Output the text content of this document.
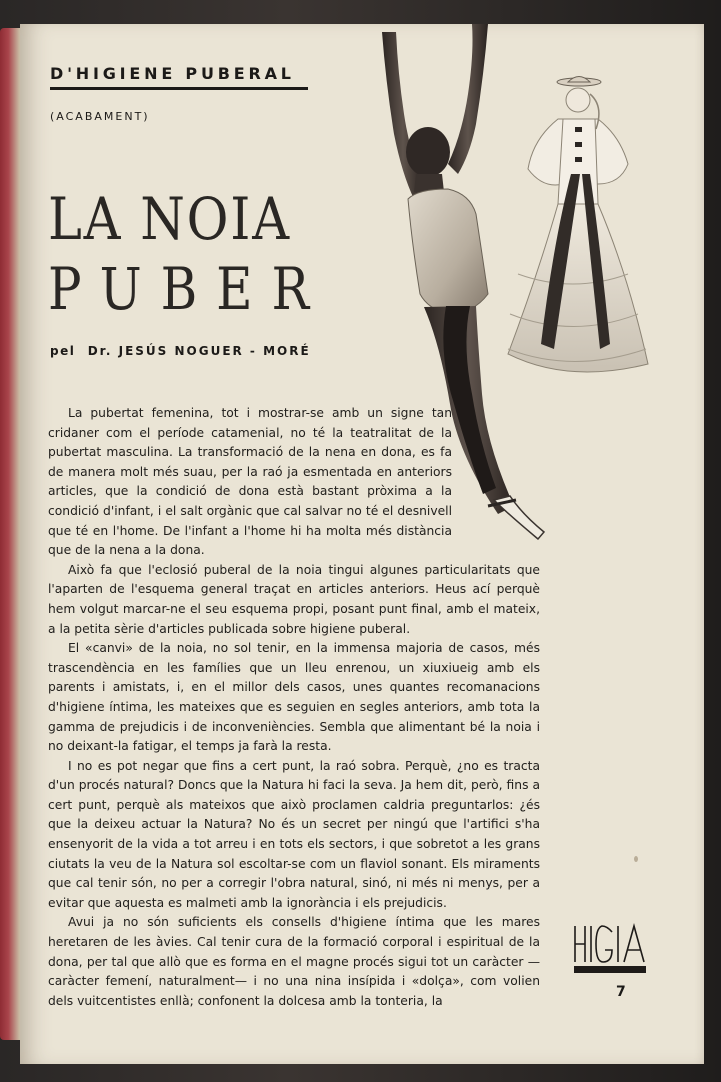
D'HIGIENE PUBERAL
(ACABAMENT)
LA NOIA
PUBER
pel Dr. JESÚS NOGUER - MORÉ

La pubertat femenina, tot i mostrar-se amb un signe tan cridaner com el període catamenial, no té la teatralitat de la pubertat masculina. La transformació de la nena en dona, es fa de manera molt més suau, per la raó ja esmentada en anteriors articles, que la condició de dona està bastant pròxima a la condició d'infant, i el salt orgànic que cal salvar no té el desnivell que té en l'home. De l'infant a l'home hi ha molta més distància que de la nena a la dona.

Això fa que l'eclosió puberal de la noia tingui algunes particularitats que l'aparten de l'esquema general traçat en articles anteriors. Heus ací perquè hem volgut marcar-ne el seu esquema propi, posant punt final, amb el mateix, a la petita sèrie d'articles publicada sobre higiene puberal.

El «canvi» de la noia, no sol tenir, en la immensa majoria de casos, més trascendència en les famílies que un lleu enrenou, un xiuxiueig amb els parents i amistats, i, en el millor dels casos, unes quantes recomanacions d'higiene íntima, les mateixes que es seguien en segles anteriors, amb tota la gamma de prejudicis i de inconveniències. Sembla que alimentant bé la noia i no deixant-la fatigar, el temps ja farà la resta.

I no es pot negar que fins a cert punt, la raó sobra. Perquè, ¿no es tracta d'un procés natural? Doncs que la Natura hi faci la seva. Ja hem dit, però, fins a cert punt, perquè als mateixos que això proclamen caldria preguntarlos: ¿és que la deixeu actuar la Natura? No és un secret per ningú que l'artifici s'ha ensenyorit de la vida a tot arreu i en tots els sectors, i que sobretot a les grans ciutats la veu de la Natura sol escoltar-se com un flaviol sonant. Els miraments que cal tenir són, no per a corregir l'obra natural, sinó, ni més ni menys, per a evitar que aquesta es malmeti amb la ignorància i els prejudicis.

Avui ja no són suficients els consells d'higiene íntima que les mares heretaren de les àvies. Cal tenir cura de la formació corporal i espiritual de la dona, per tal que allò que es forma en el magne procés sigui tot un caràcter —caràcter femení, naturalment— i no una nina insípida i «dolça», com volien dels vuitcentistes enllà; confonent la dolcesa amb la tonteria, la

7
